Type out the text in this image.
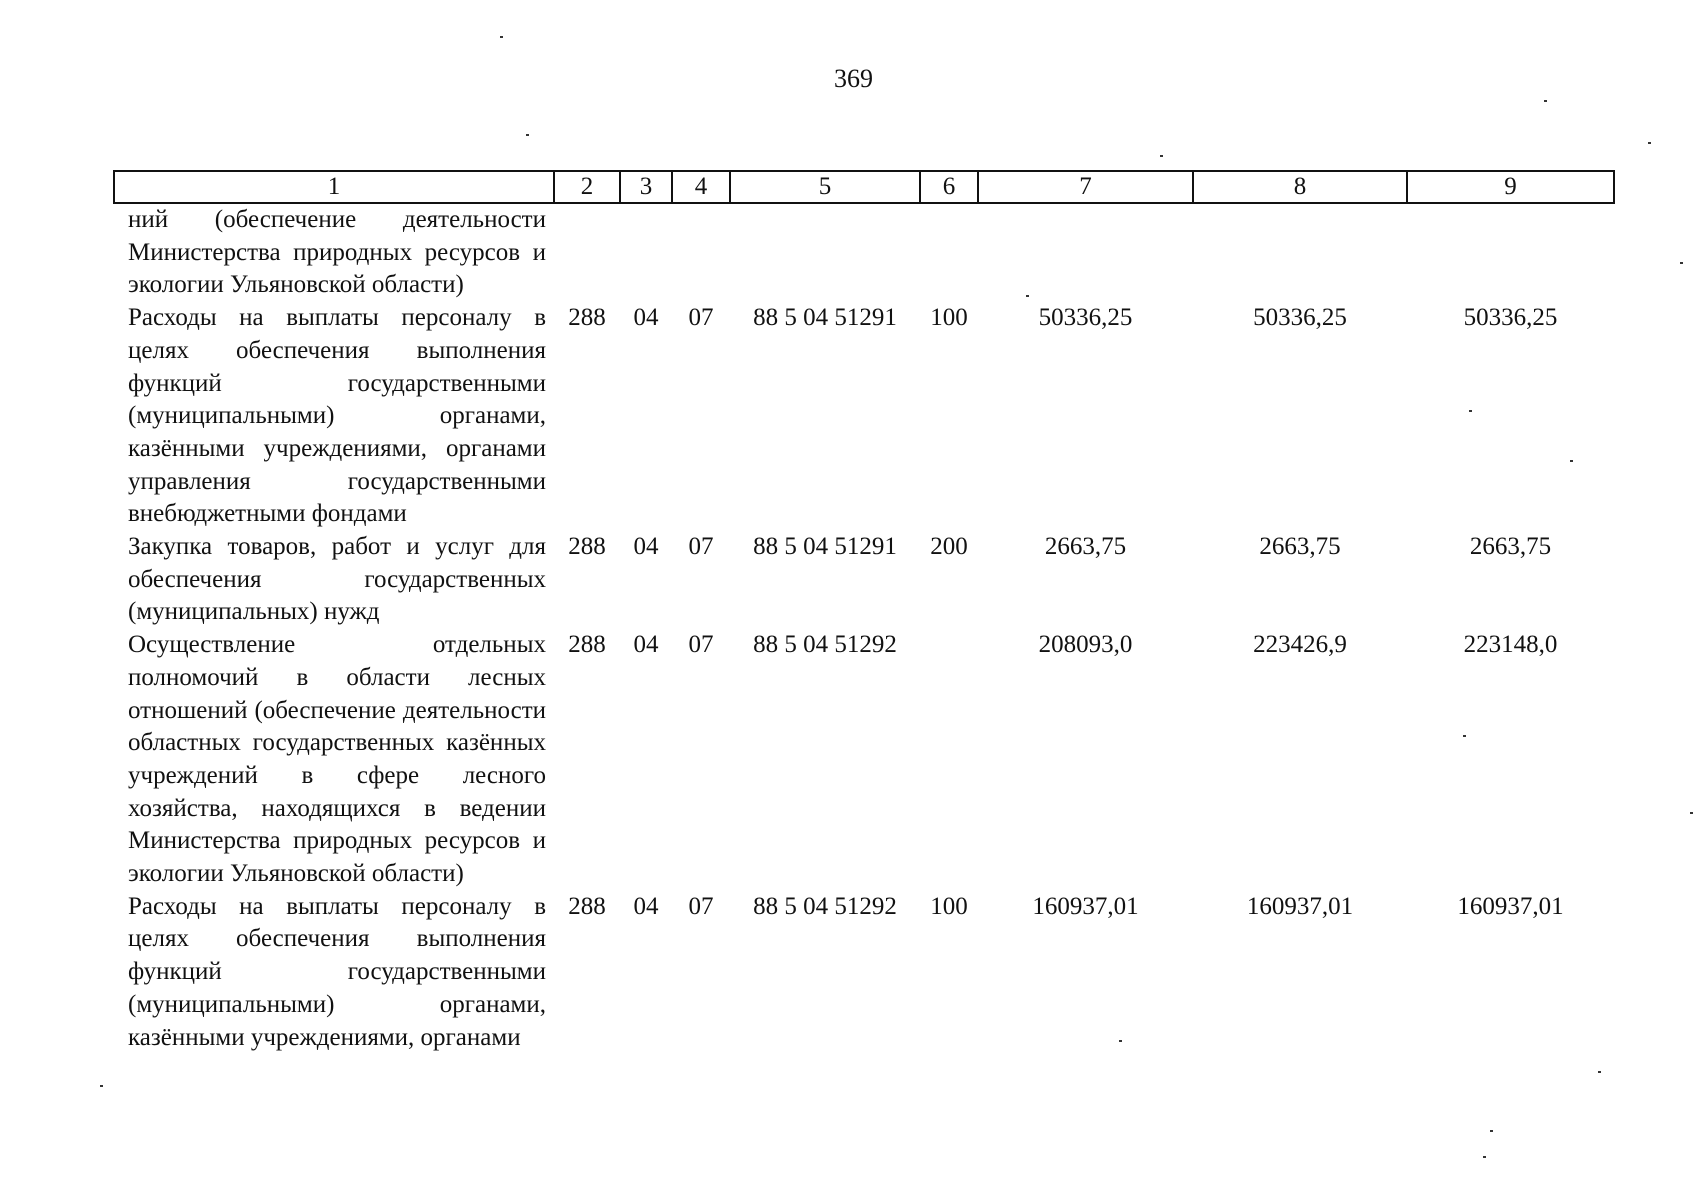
369
1	2	3	4	5	6	7	8	9
ний (обеспечение деятельности Министерства природных ресурсов и экологии Ульяновской области)								
Расходы на выплаты персоналу в целях обеспечения выполнения функций государственными (муниципальными) органами, казёнными учреждениями, органами управления государственными внебюджетными фондами	288	04	07	88 5 04 51291	100	50336,25	50336,25	50336,25
Закупка товаров, работ и услуг для обеспечения государственных (муниципальных) нужд	288	04	07	88 5 04 51291	200	2663,75	2663,75	2663,75
Осуществление отдельных полномочий в области лесных отношений (обеспечение деятельности областных государственных казённых учреждений в сфере лесного хозяйства, находящихся в ведении Министерства природных ресурсов и экологии Ульяновской области)	288	04	07	88 5 04 51292		208093,0	223426,9	223148,0
Расходы на выплаты персоналу в целях обеспечения выполнения функций государственными (муниципальными) органами, казёнными учреждениями, органами	288	04	07	88 5 04 51292	100	160937,01	160937,01	160937,01
